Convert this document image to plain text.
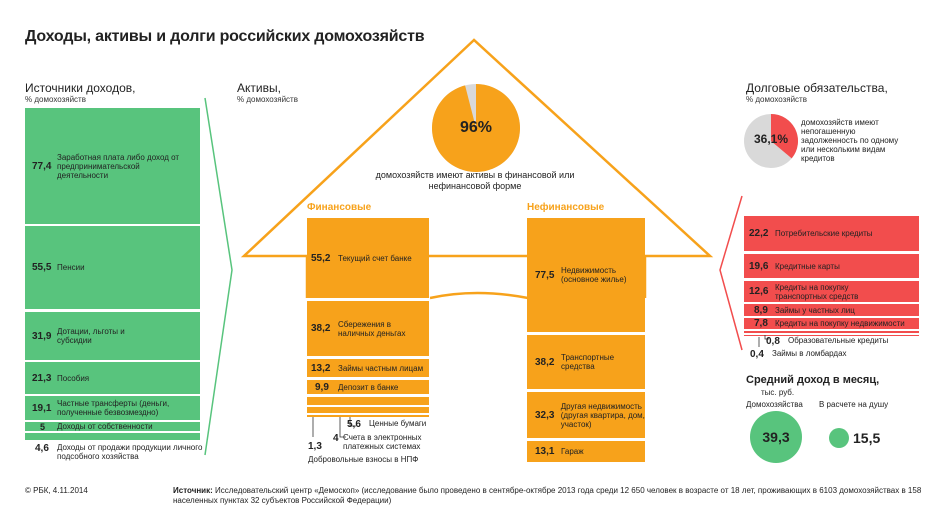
Доходы, активы и долги российских домохозяйств
Источники доходов,
% домохозяйств
77,4
Заработная плата либо доход от предпринимательской деятельности
55,5 Пенсии
31,9 Дотации, льготы и субсидии
21,3 Пособия
19,1 Частные трансферты (деньги, полученные безвозмездно)
5	Доходы от собственности
4,6	Доходы от продажи продукции личного подсобного хозяйства
Активы,
% домохозяйств
96%
домохозяйств имеют активы в финансовой или нефинансовой форме
Финансовые	Нефинансовые
55,2 Текущий счет банке
38,2 Сбережения в наличных деньгах
13,2 Займы частным лицам
9,9	Депозит в банке
5,6	Ценные бумаги
4 Счета в электронных платежных системах
1,3
Добровольные взносы в НПФ
77,5 Недвижимость (основное жилье)
38,2 Транспортные средства
32,3
Другая недвижимость (другая квартира, дом, участок)
13,1 Гараж
Долговые обязательства,
% домохозяйств
36,1%
домохозяйств имеют непогашенную задолженность по одному или нескольким видам кредитов
22,2 Потребительские кредиты
19,6 Кредитные карты
12,6 Кредиты на покупку транспортных средств
8,9 Займы у частных лиц
7,8 Кредиты на покупку недвижимости
0,8	Образовательные кредиты
0,4	Займы в ломбардах
Средний доход в месяц,
тыс. руб.
Домохозяйства В расчете на душу
39,3	15,5
© РБК, 4.11.2014	Источник: Исследовательский центр «Демоскоп» (исследование было проведено в сентябре-октябре 2013 года среди 12 650 человек в возрасте от 18 лет, проживающих в 6103 домохозяйствах в 158 населенных пунктах 32 субъектов Российской Федерации)
